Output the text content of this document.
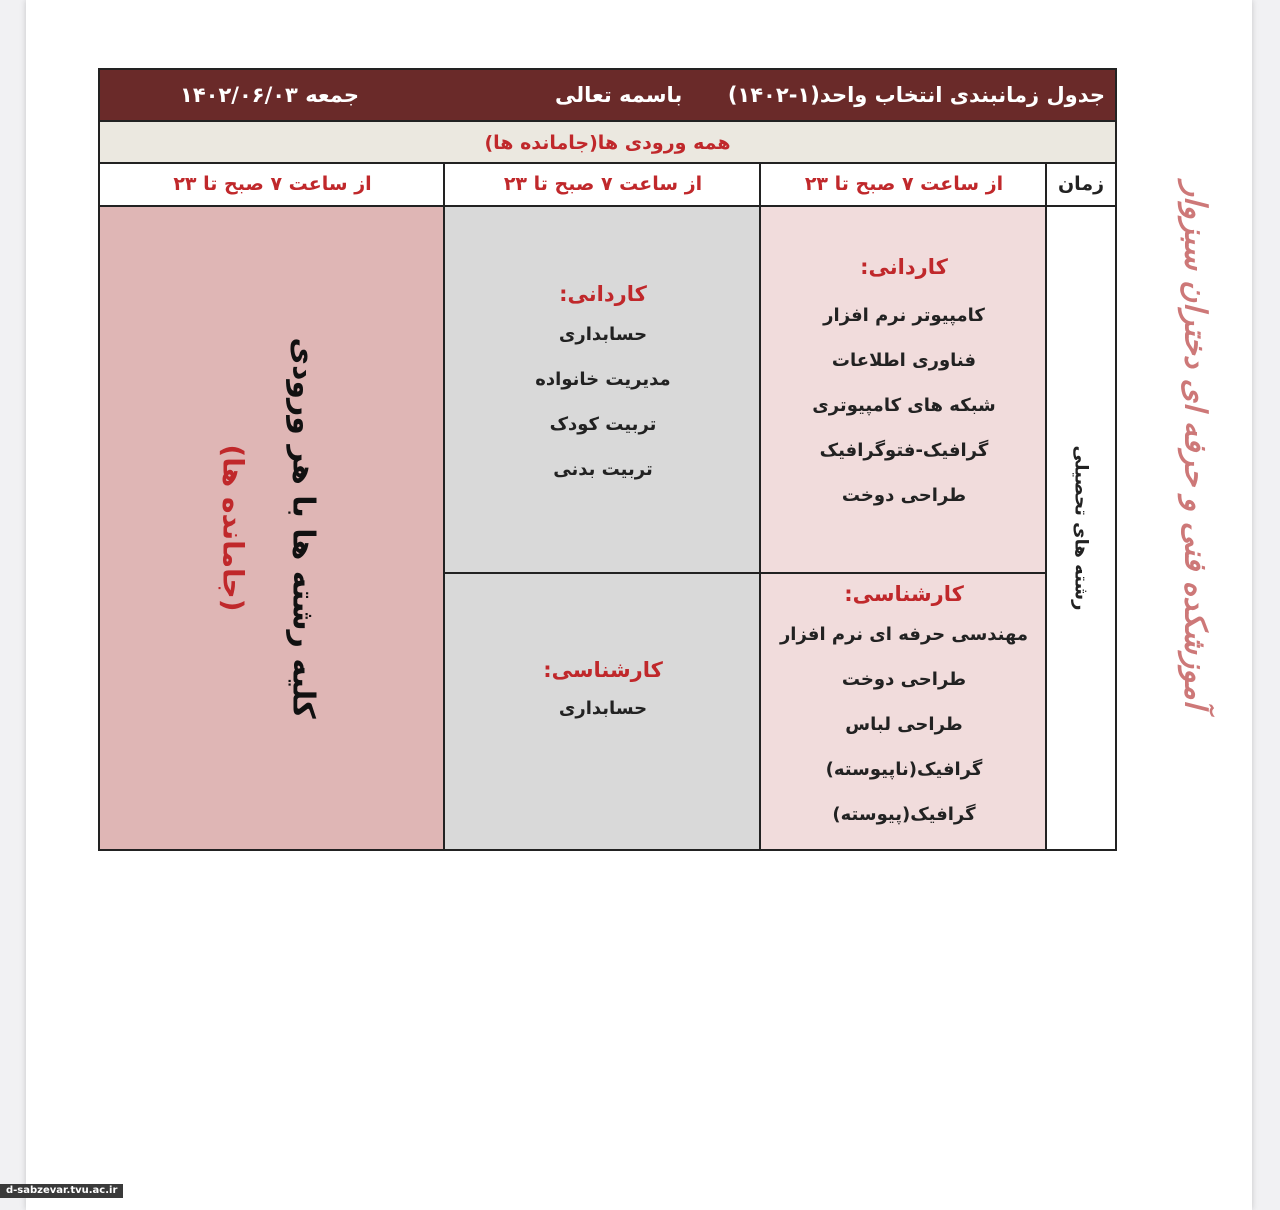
جدول زمانبندی انتخاب واحد(۱-۱۴۰۲)
باسمه تعالی
جمعه ۱۴۰۲/۰۶/۰۳
همه ورودی ها(جامانده ها)
زمان
از ساعت ۷ صبح تا ۲۳
از ساعت ۷ صبح تا ۲۳
از ساعت ۷ صبح تا ۲۳
رشته های تحصیلی
کاردانی:
کامپیوتر نرم افزار
فناوری اطلاعات
شبکه های کامپیوتری
گرافیک-فتوگرافیک
طراحی دوخت
کارشناسی:
مهندسی حرفه ای نرم افزار
طراحی دوخت
طراحی لباس
گرافیک(ناپیوسته)
گرافیک(پیوسته)
کاردانی:
حسابداری
مدیریت خانواده
تربیت کودک
تربیت بدنی
کارشناسی:
حسابداری
کلیه رشته ها با هر ورودی
(جامانده ها)	آموزشکده فنی و حرفه ای دختران سبزوار
d-sabzevar.tvu.ac.ir
